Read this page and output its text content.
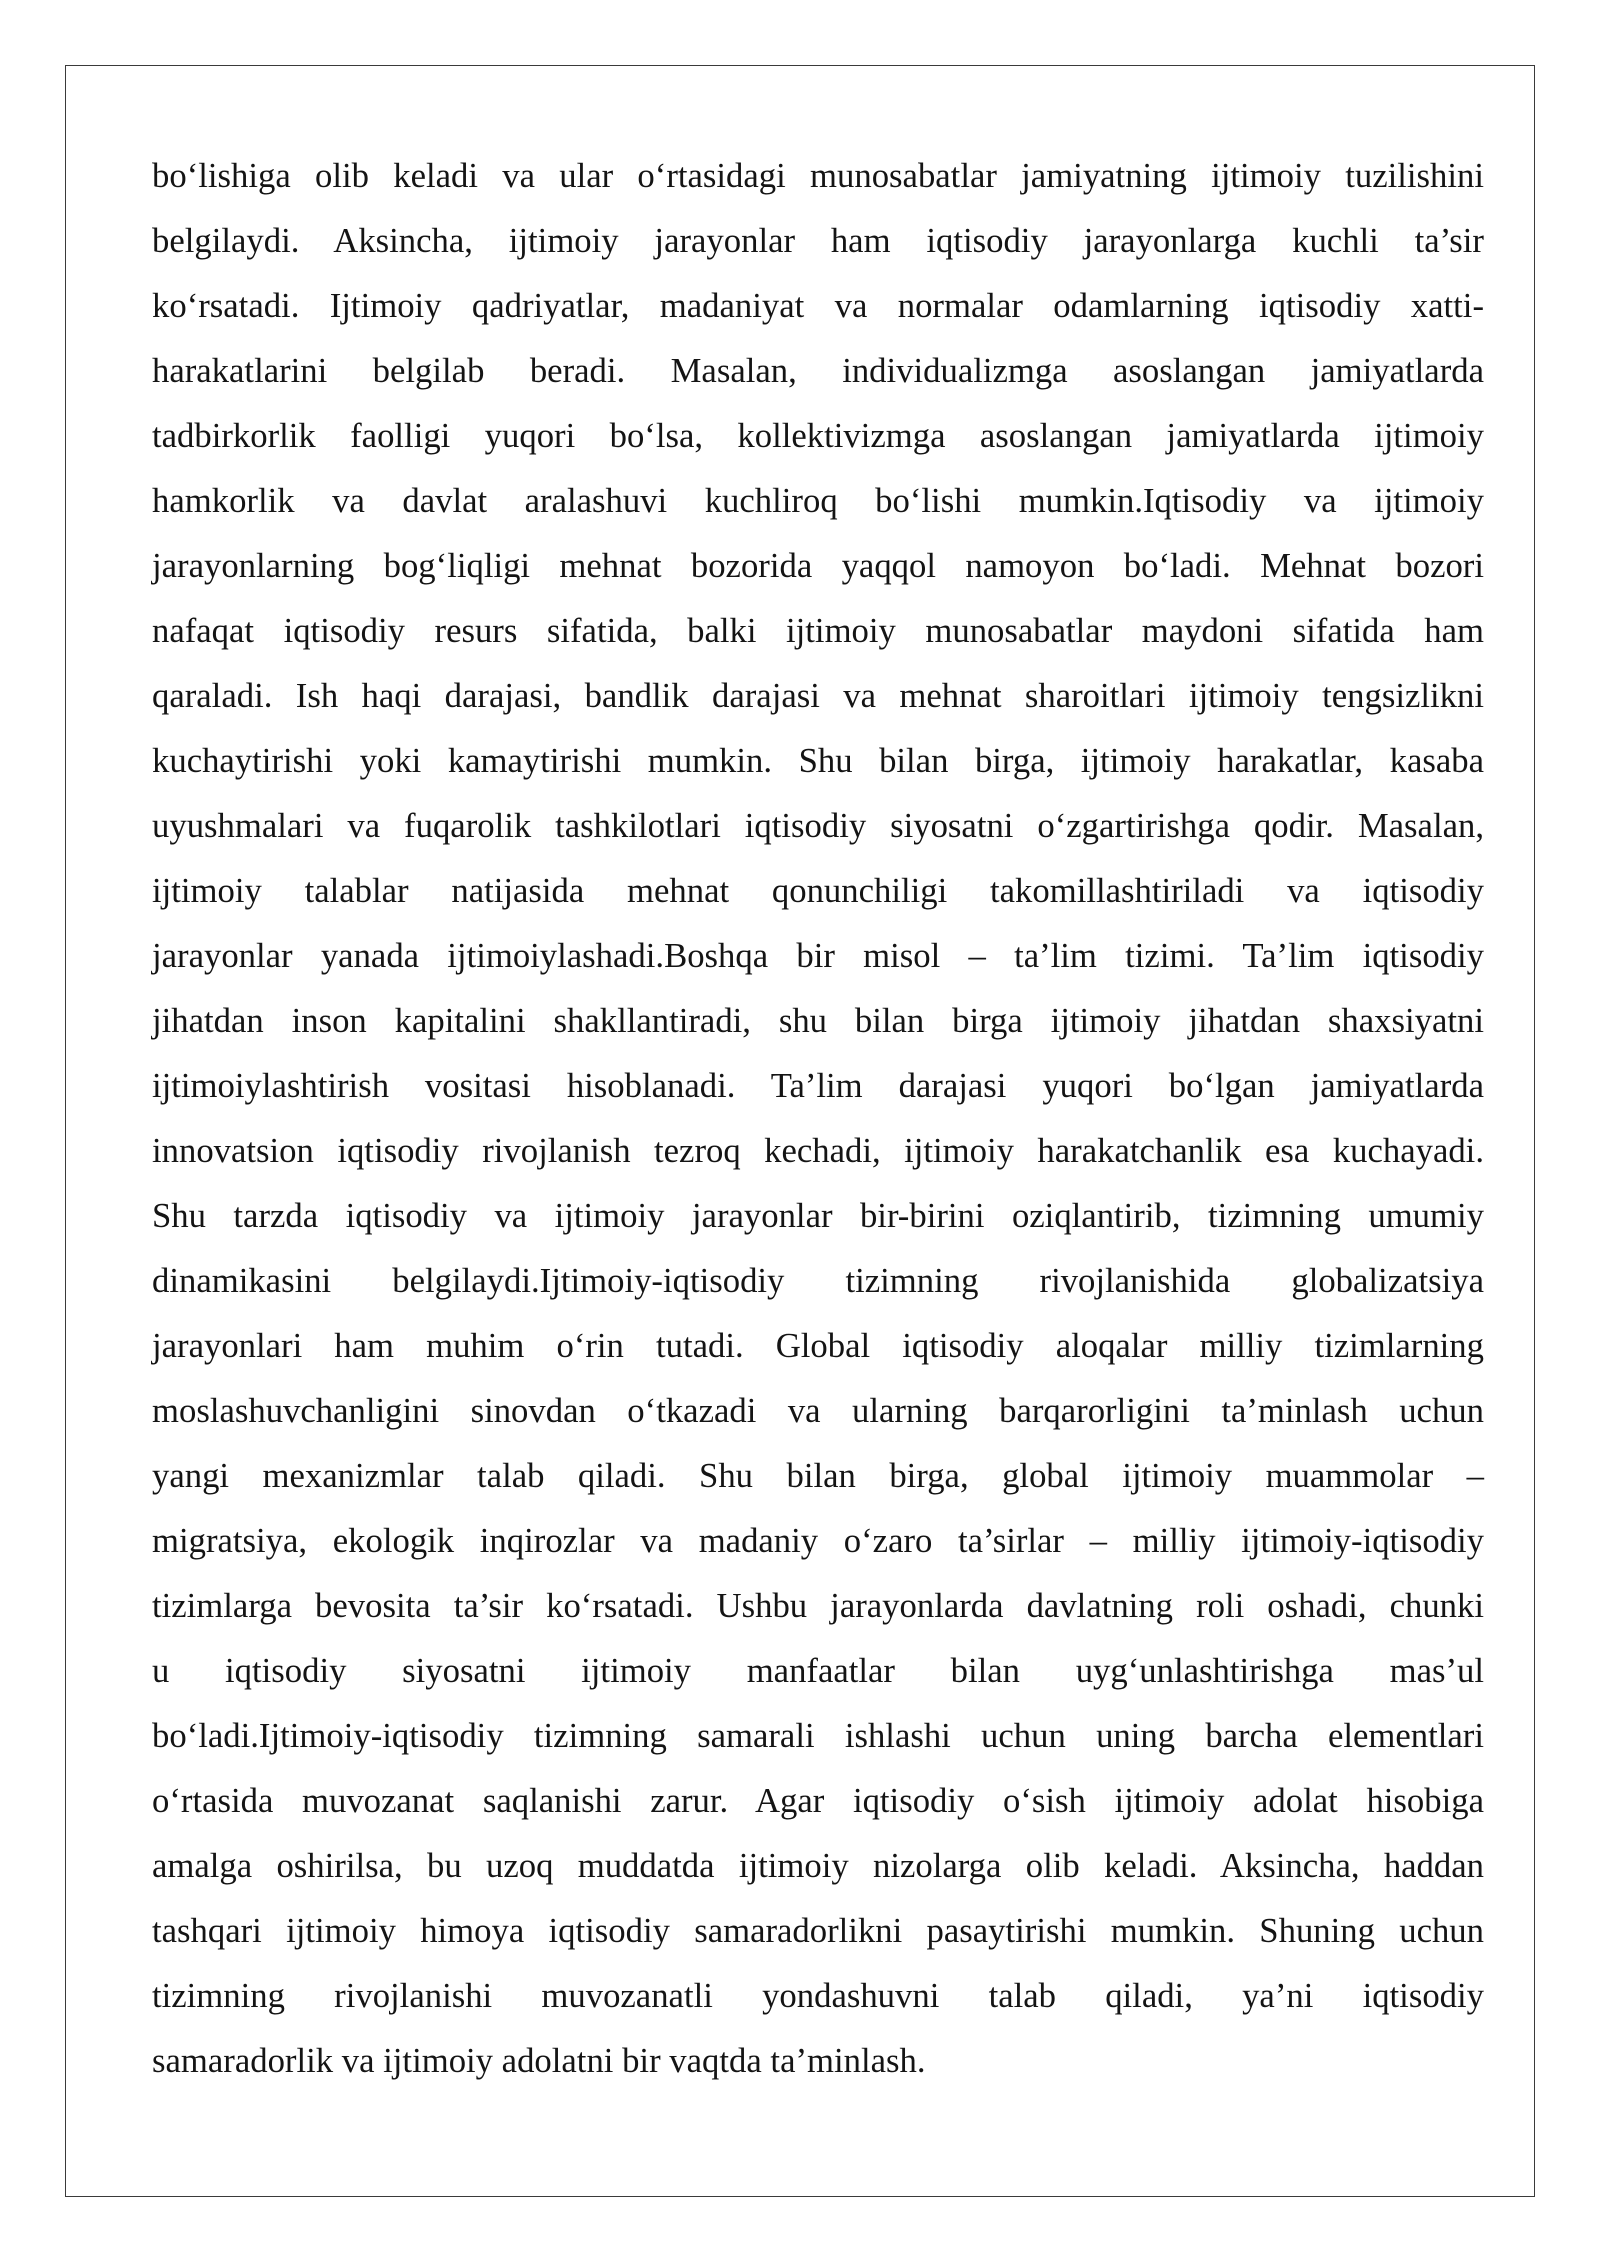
bo‘lishiga olib keladi va ular o‘rtasidagi munosabatlar jamiyatning ijtimoiy tuzilishini
belgilaydi. Aksincha, ijtimoiy jarayonlar ham iqtisodiy jarayonlarga kuchli ta’sir
ko‘rsatadi. Ijtimoiy qadriyatlar, madaniyat va normalar odamlarning iqtisodiy xatti-
harakatlarini belgilab beradi. Masalan, individualizmga asoslangan jamiyatlarda
tadbirkorlik faolligi yuqori bo‘lsa, kollektivizmga asoslangan jamiyatlarda ijtimoiy
hamkorlik va davlat aralashuvi kuchliroq bo‘lishi mumkin.Iqtisodiy va ijtimoiy
jarayonlarning bog‘liqligi mehnat bozorida yaqqol namoyon bo‘ladi. Mehnat bozori
nafaqat iqtisodiy resurs sifatida, balki ijtimoiy munosabatlar maydoni sifatida ham
qaraladi. Ish haqi darajasi, bandlik darajasi va mehnat sharoitlari ijtimoiy tengsizlikni
kuchaytirishi yoki kamaytirishi mumkin. Shu bilan birga, ijtimoiy harakatlar, kasaba
uyushmalari va fuqarolik tashkilotlari iqtisodiy siyosatni o‘zgartirishga qodir. Masalan,
ijtimoiy talablar natijasida mehnat qonunchiligi takomillashtiriladi va iqtisodiy
jarayonlar yanada ijtimoiylashadi.Boshqa bir misol – ta’lim tizimi. Ta’lim iqtisodiy
jihatdan inson kapitalini shakllantiradi, shu bilan birga ijtimoiy jihatdan shaxsiyatni
ijtimoiylashtirish vositasi hisoblanadi. Ta’lim darajasi yuqori bo‘lgan jamiyatlarda
innovatsion iqtisodiy rivojlanish tezroq kechadi, ijtimoiy harakatchanlik esa kuchayadi.
Shu tarzda iqtisodiy va ijtimoiy jarayonlar bir-birini oziqlantirib, tizimning umumiy
dinamikasini belgilaydi.Ijtimoiy-iqtisodiy tizimning rivojlanishida globalizatsiya
jarayonlari ham muhim o‘rin tutadi. Global iqtisodiy aloqalar milliy tizimlarning
moslashuvchanligini sinovdan o‘tkazadi va ularning barqarorligini ta’minlash uchun
yangi mexanizmlar talab qiladi. Shu bilan birga, global ijtimoiy muammolar –
migratsiya, ekologik inqirozlar va madaniy o‘zaro ta’sirlar – milliy ijtimoiy-iqtisodiy
tizimlarga bevosita ta’sir ko‘rsatadi. Ushbu jarayonlarda davlatning roli oshadi, chunki
u iqtisodiy siyosatni ijtimoiy manfaatlar bilan uyg‘unlashtirishga mas’ul
bo‘ladi.Ijtimoiy-iqtisodiy tizimning samarali ishlashi uchun uning barcha elementlari
o‘rtasida muvozanat saqlanishi zarur. Agar iqtisodiy o‘sish ijtimoiy adolat hisobiga
amalga oshirilsa, bu uzoq muddatda ijtimoiy nizolarga olib keladi. Aksincha, haddan
tashqari ijtimoiy himoya iqtisodiy samaradorlikni pasaytirishi mumkin. Shuning uchun
tizimning rivojlanishi muvozanatli yondashuvni talab qiladi, ya’ni iqtisodiy
samaradorlik va ijtimoiy adolatni bir vaqtda ta’minlash.
